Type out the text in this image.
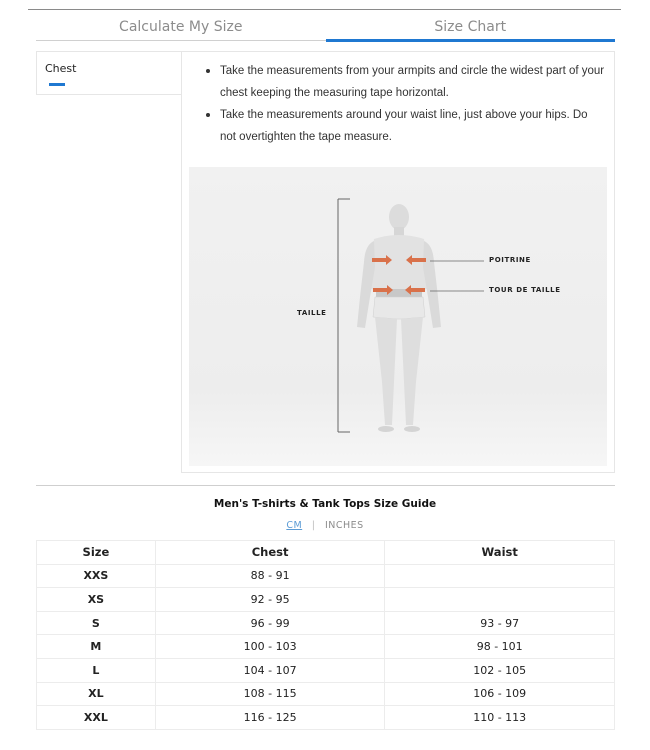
Calculate My Size	Size Chart
Chest	Take the measurements from your armpits and circle the widest part of your chest keeping the measuring tape horizontal.
Take the measurements around your waist line, just above your hips. Do not overtighten the tape measure.
TAILLE
POITRINE
TOUR DE TAILLE
Men's T-shirts & Tank Tops Size Guide
CM | INCHES
Size	Chest	Waist
XXS	88 - 91	
XS	92 - 95	
S	96 - 99	93 - 97
M	100 - 103	98 - 101
L	104 - 107	102 - 105
XL	108 - 115	106 - 109
XXL	116 - 125	110 - 113
